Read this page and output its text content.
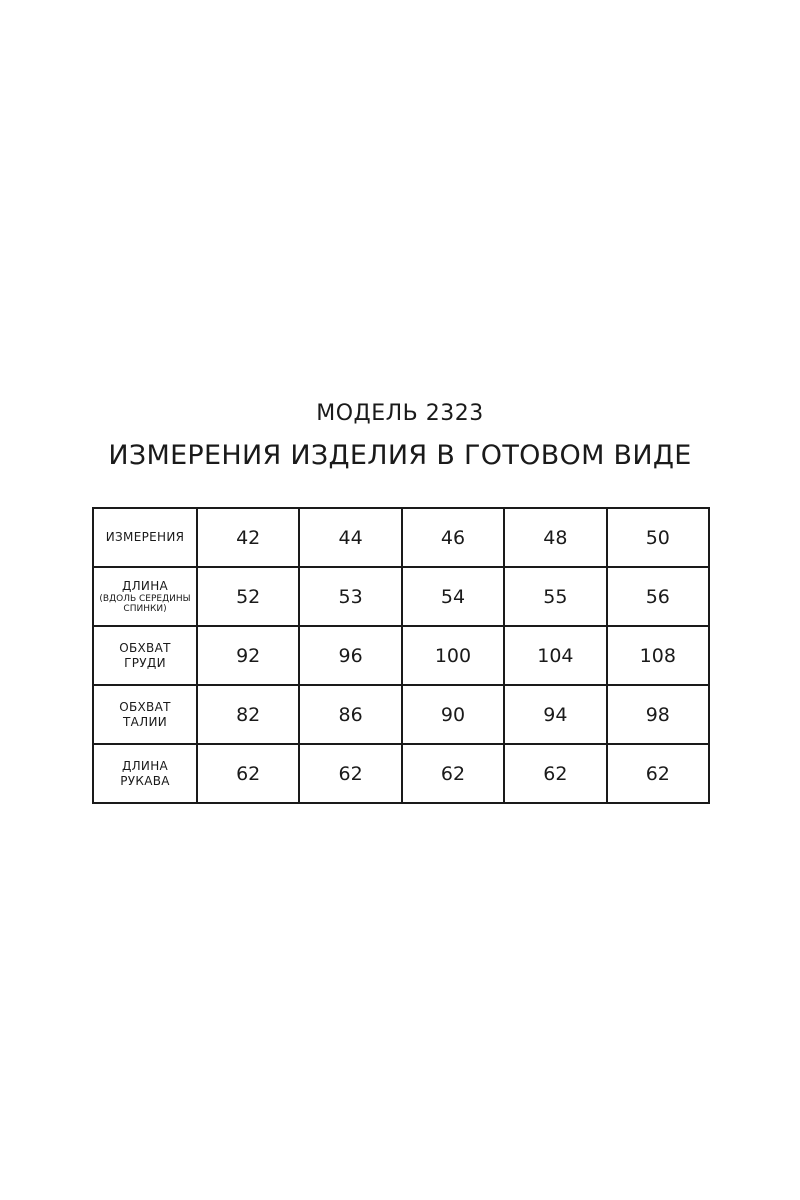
МОДЕЛЬ 2323
ИЗМЕРЕНИЯ ИЗДЕЛИЯ В ГОТОВОМ ВИДЕ
ИЗМЕРЕНИЯ	42	44	46	48	50
ДЛИНА
(ВДОЛЬ СЕРЕДИНЫ СПИНКИ)	52	53	54	55	56
ОБХВАТ
ГРУДИ	92	96	100	104	108
ОБХВАТ
ТАЛИИ	82	86	90	94	98
ДЛИНА
РУКАВА	62	62	62	62	62
